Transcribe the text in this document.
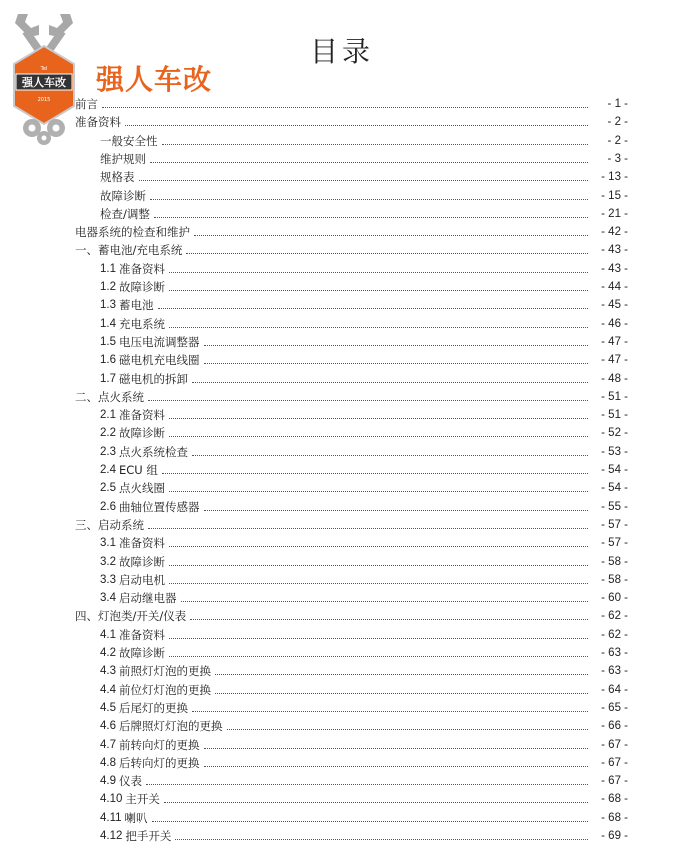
目录
强人车改
Tel
2015
强人车改
前言	- 1 -
准备资料	- 2 -
一般安全性	- 2 -
维护规则	- 3 -
规格表	- 13 -
故障诊断	- 15 -
检查/调整	- 21 -
电器系统的检查和维护	- 42 -
一、蓄电池/充电系统	- 43 -
1.1 准备资料	- 43 -
1.2 故障诊断	- 44 -
1.3 蓄电池	- 45 -
1.4 充电系统	- 46 -
1.5 电压电流调整器	- 47 -
1.6 磁电机充电线圈	- 47 -
1.7 磁电机的拆卸	- 48 -
二、点火系统	- 51 -
2.1 准备资料	- 51 -
2.2 故障诊断	- 52 -
2.3 点火系统检查	- 53 -
2.4 ECU 组	- 54 -
2.5 点火线圈	- 54 -
2.6 曲轴位置传感器	- 55 -
三、启动系统	- 57 -
3.1 准备资料	- 57 -
3.2 故障诊断	- 58 -
3.3 启动电机	- 58 -
3.4 启动继电器	- 60 -
四、灯泡类/开关/仪表	- 62 -
4.1 准备资料	- 62 -
4.2 故障诊断	- 63 -
4.3 前照灯灯泡的更换	- 63 -
4.4 前位灯灯泡的更换	- 64 -
4.5 后尾灯的更换	- 65 -
4.6 后牌照灯灯泡的更换	- 66 -
4.7 前转向灯的更换	- 67 -
4.8 后转向灯的更换	- 67 -
4.9 仪表	- 67 -
4.10 主开关	- 68 -
4.11 喇叭	- 68 -
4.12 把手开关	- 69 -
